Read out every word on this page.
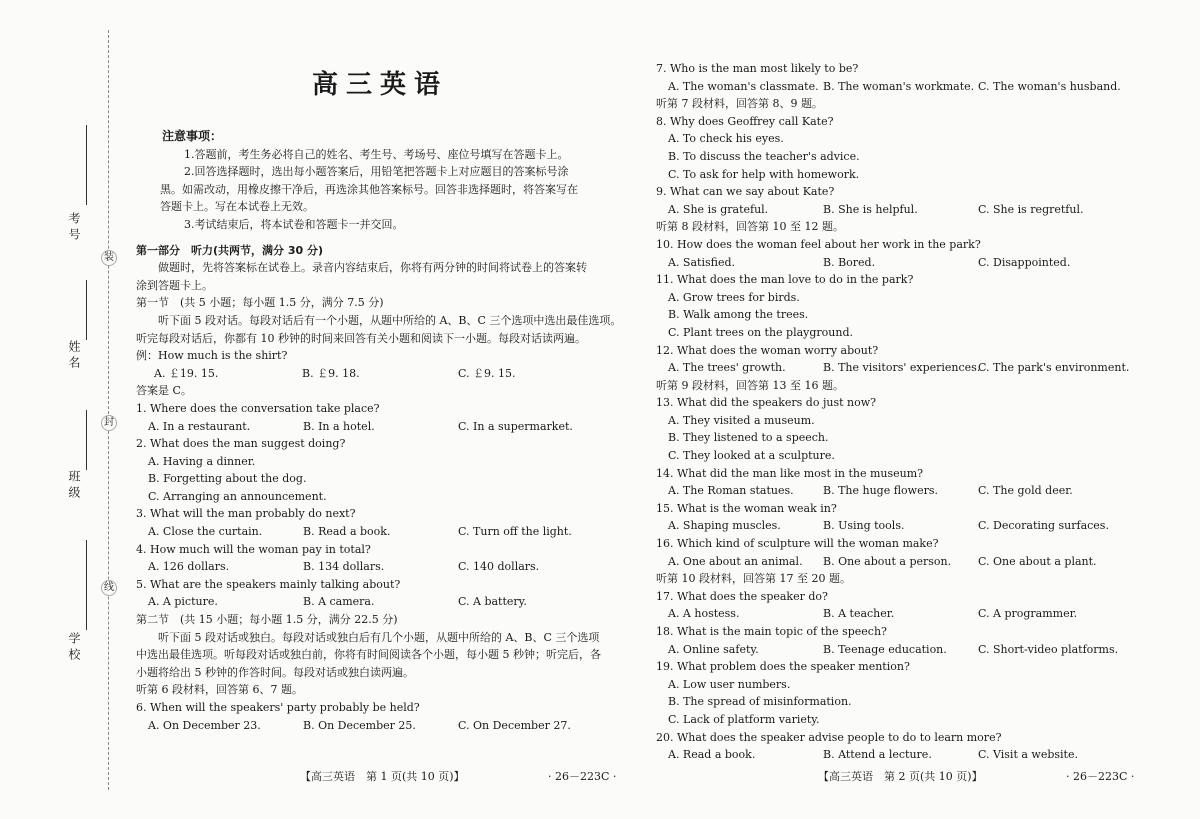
考号
姓名
班级
学校
装
封
线
高三英语

注意事项：

1.答题前，考生务必将自己的姓名、考生号、考场号、座位号填写在答题卡上。

2.回答选择题时，选出每小题答案后，用铅笔把答题卡上对应题目的答案标号涂

黑。如需改动，用橡皮擦干净后，再选涂其他答案标号。回答非选择题时，将答案写在

答题卡上。写在本试卷上无效。

3.考试结束后，将本试卷和答题卡一并交回。

第一部分　听力(共两节，满分 30 分)

做题时，先将答案标在试卷上。录音内容结束后，你将有两分钟的时间将试卷上的答案转

涂到答题卡上。

第一节　(共 5 小题；每小题 1.5 分，满分 7.5 分)

听下面 5 段对话。每段对话后有一个小题，从题中所给的 A、B、C 三个选项中选出最佳选项。

听完每段对话后，你都有 10 秒钟的时间来回答有关小题和阅读下一小题。每段对话读两遍。

例：How much is the shirt?

A. ￡19. 15.	B. ￡9. 18.	C. ￡9. 15.

答案是 C。

1. Where does the conversation take place?

A. In a restaurant.	B. In a hotel.	C. In a supermarket.

2. What does the man suggest doing?

A. Having a dinner.

B. Forgetting about the dog.

C. Arranging an announcement.

3. What will the man probably do next?

A. Close the curtain.	B. Read a book.	C. Turn off the light.

4. How much will the woman pay in total?

A. 126 dollars.	B. 134 dollars.	C. 140 dollars.

5. What are the speakers mainly talking about?

A. A picture.	B. A camera.	C. A battery.

第二节　(共 15 小题；每小题 1.5 分，满分 22.5 分)

听下面 5 段对话或独白。每段对话或独白后有几个小题，从题中所给的 A、B、C 三个选项

中选出最佳选项。听每段对话或独白前，你将有时间阅读各个小题，每小题 5 秒钟；听完后，各

小题将给出 5 秒钟的作答时间。每段对话或独白读两遍。

听第 6 段材料，回答第 6、7 题。

6. When will the speakers' party probably be held?

A. On December 23.	B. On December 25.	C. On December 27.

7. Who is the man most likely to be?

A. The woman's classmate. B. The woman's workmate. C. The woman's husband.

听第 7 段材料，回答第 8、9 题。

8. Why does Geoffrey call Kate?

A. To check his eyes.

B. To discuss the teacher's advice.

C. To ask for help with homework.

9. What can we say about Kate?

A. She is grateful.	B. She is helpful.	C. She is regretful.

听第 8 段材料，回答第 10 至 12 题。

10. How does the woman feel about her work in the park?

A. Satisfied.	B. Bored.	C. Disappointed.

11. What does the man love to do in the park?

A. Grow trees for birds.

B. Walk among the trees.

C. Plant trees on the playground.

12. What does the woman worry about?

A. The trees' growth.	B. The visitors' experiences.
C. The park's environment.

听第 9 段材料，回答第 13 至 16 题。

13. What did the speakers do just now?

A. They visited a museum.

B. They listened to a speech.

C. They looked at a sculpture.

14. What did the man like most in the museum?

A. The Roman statues.	B. The huge flowers.	C. The gold deer.

15. What is the woman weak in?

A. Shaping muscles.	B. Using tools.	C. Decorating surfaces.

16. Which kind of sculpture will the woman make?

A. One about an animal.	B. One about a person.	C. One about a plant.

听第 10 段材料，回答第 17 至 20 题。

17. What does the speaker do?

A. A hostess.	B. A teacher.	C. A programmer.

18. What is the main topic of the speech?

A. Online safety.	B. Teenage education.	C. Short-video platforms.

19. What problem does the speaker mention?

A. Low user numbers.

B. The spread of misinformation.

C. Lack of platform variety.

20. What does the speaker advise people to do to learn more?

A. Read a book.	B. Attend a lecture.	C. Visit a website.

【高三英语　第 1 页(共 10 页)】	· 26－223C ·	【高三英语　第 2 页(共 10 页)】	· 26－223C ·
